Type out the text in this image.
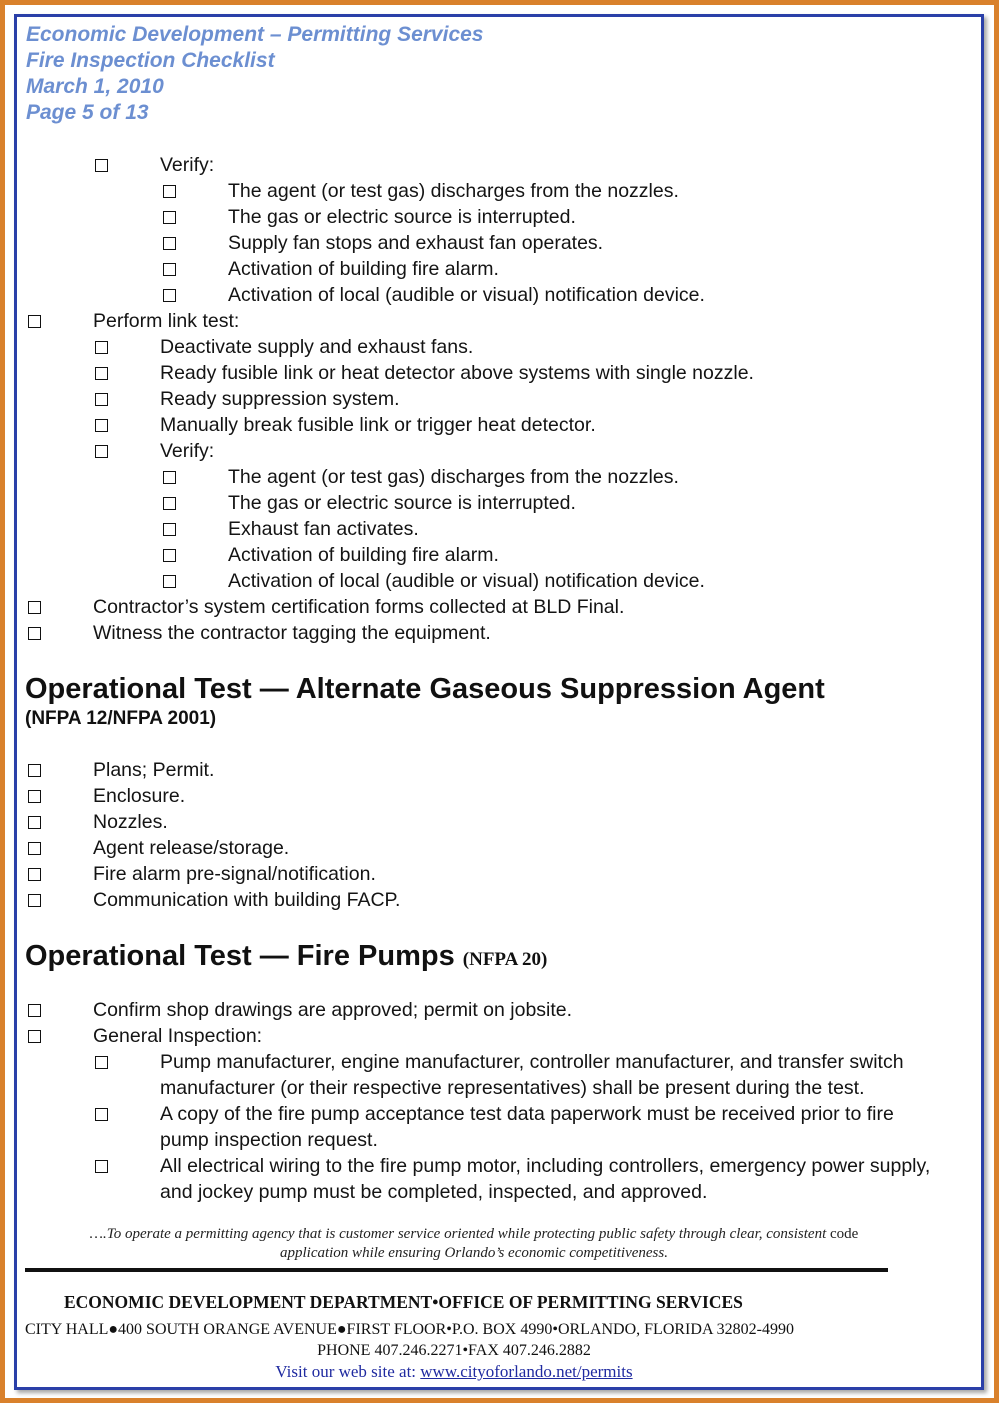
Economic Development – Permitting Services
Fire Inspection Checklist
March 1, 2010
Page 5 of 13
Verify:
The agent (or test gas) discharges from the nozzles.
The gas or electric source is interrupted.
Supply fan stops and exhaust fan operates.
Activation of building fire alarm.
Activation of local (audible or visual) notification device.
Perform link test:
Deactivate supply and exhaust fans.
Ready fusible link or heat detector above systems with single nozzle.
Ready suppression system.
Manually break fusible link or trigger heat detector.
Verify:
The agent (or test gas) discharges from the nozzles.
The gas or electric source is interrupted.
Exhaust fan activates.
Activation of building fire alarm.
Activation of local (audible or visual) notification device.
Contractor’s system certification forms collected at BLD Final.
Witness the contractor tagging the equipment.
Operational Test — Alternate Gaseous Suppression Agent
(NFPA 12/NFPA 2001)
Plans; Permit.
Enclosure.
Nozzles.
Agent release/storage.
Fire alarm pre-signal/notification.
Communication with building FACP.
Operational Test — Fire Pumps (NFPA 20)
Confirm shop drawings are approved; permit on jobsite.
General Inspection:
Pump manufacturer, engine manufacturer, controller manufacturer, and transfer switch
manufacturer (or their respective representatives) shall be present during the test.
A copy of the fire pump acceptance test data paperwork must be received prior to fire
pump inspection request.
All electrical wiring to the fire pump motor, including controllers, emergency power supply,
and jockey pump must be completed, inspected, and approved.
….To operate a permitting agency that is customer service oriented while protecting public safety through clear, consistent code
application while ensuring Orlando’s economic competitiveness.
ECONOMIC DEVELOPMENT DEPARTMENT•OFFICE OF PERMITTING SERVICES
CITY HALL●400 SOUTH ORANGE AVENUE●FIRST FLOOR•P.O. BOX 4990•ORLANDO, FLORIDA 32802-4990
PHONE 407.246.2271•FAX 407.246.2882
Visit our web site at: www.cityoforlando.net/permits
